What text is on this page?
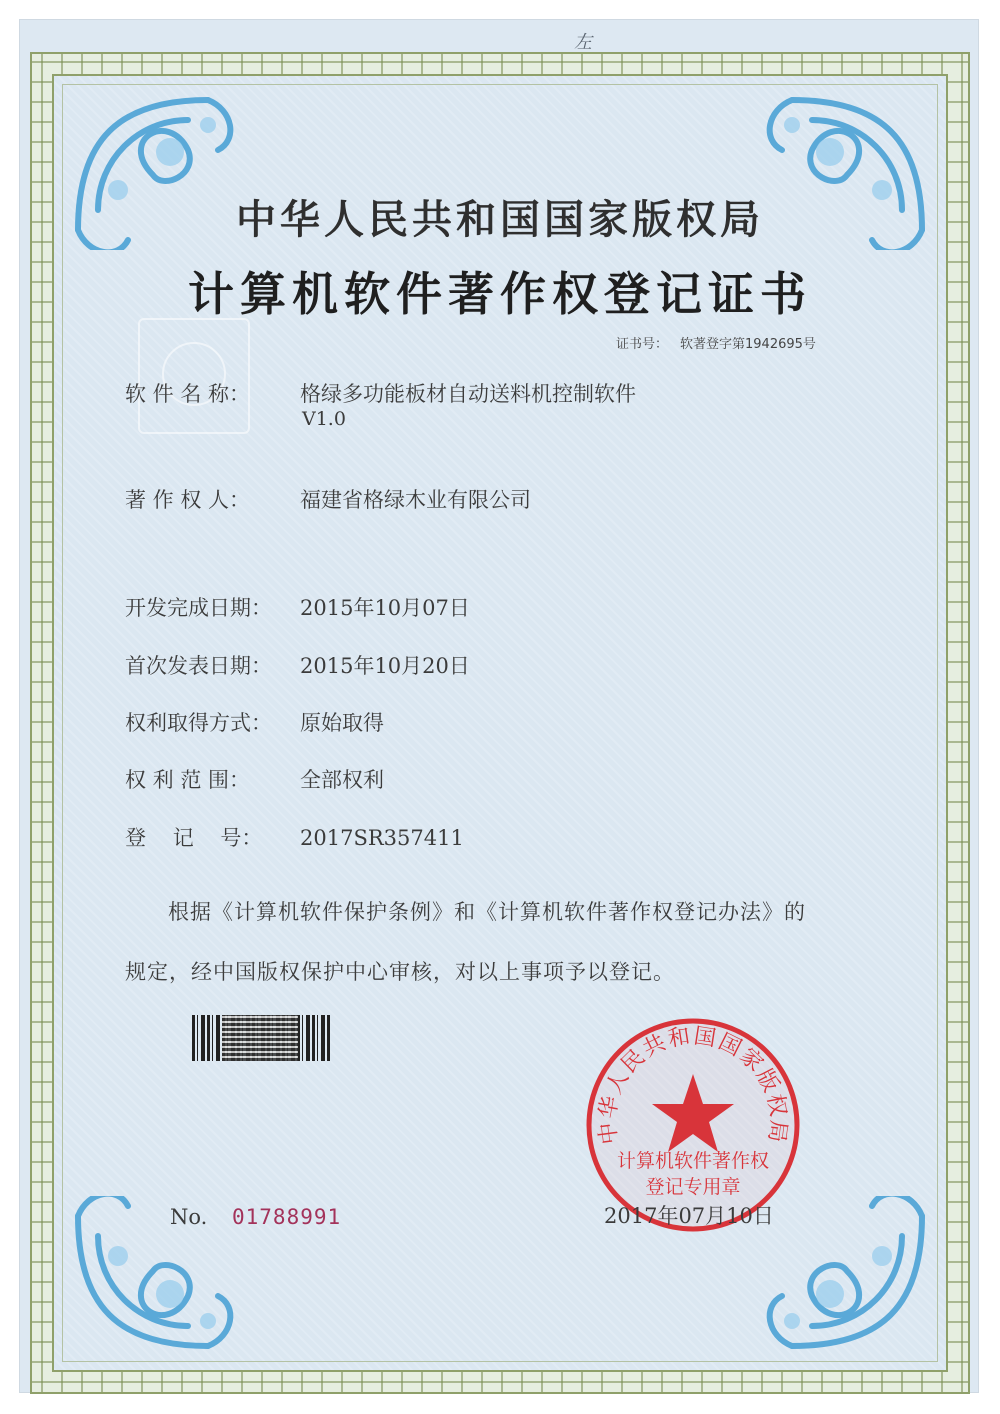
左
中华人民共和国国家版权局
计算机软件著作权登记证书
证书号： 软著登字第1942695号
软 件 名 称： 格绿多功能板材自动送料机控制软件
V1.0
著 作 权 人： 福建省格绿木业有限公司
开发完成日期： 2015年10月07日
首次发表日期： 2015年10月20日
权利取得方式： 原始取得
权 利 范 围： 全部权利
登    记    号： 2017SR357411
根据《计算机软件保护条例》和《计算机软件著作权登记办法》的
规定，经中国版权保护中心审核，对以上事项予以登记。
中华人民共和国国家版权局
计算机软件著作权
登记专用章
No. 01788991	2017年07月10日
